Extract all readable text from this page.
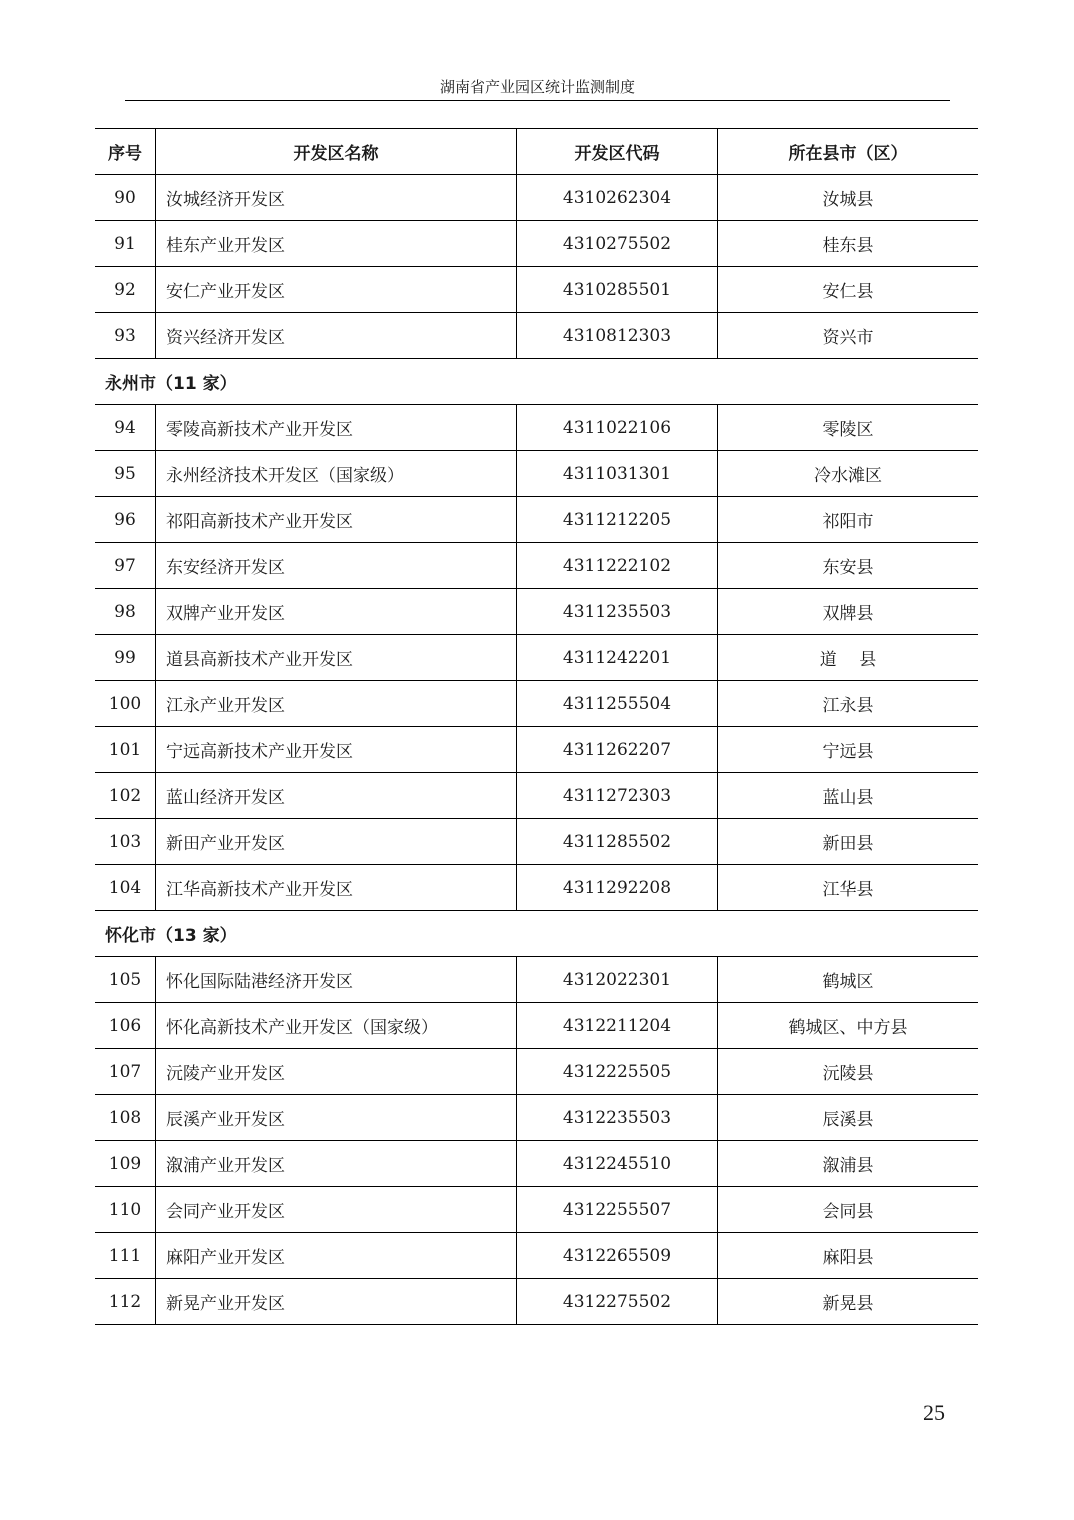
湖南省产业园区统计监测制度
序号	开发区名称	开发区代码	所在县市（区）
90	汝城经济开发区	4310262304	汝城县
91	桂东产业开发区	4310275502	桂东县
92	安仁产业开发区	4310285501	安仁县
93	资兴经济开发区	4310812303	资兴市
永州市（11 家）			
94	零陵高新技术产业开发区	4311022106	零陵区
95	永州经济技术开发区（国家级）	4311031301	冷水滩区
96	祁阳高新技术产业开发区	4311212205	祁阳市
97	东安经济开发区	4311222102	东安县
98	双牌产业开发区	4311235503	双牌县
99	道县高新技术产业开发区	4311242201	道　 县
100	江永产业开发区	4311255504	江永县
101	宁远高新技术产业开发区	4311262207	宁远县
102	蓝山经济开发区	4311272303	蓝山县
103	新田产业开发区	4311285502	新田县
104	江华高新技术产业开发区	4311292208	江华县
怀化市（13 家）			
105	怀化国际陆港经济开发区	4312022301	鹤城区
106	怀化高新技术产业开发区（国家级）	4312211204	鹤城区、中方县
107	沅陵产业开发区	4312225505	沅陵县
108	辰溪产业开发区	4312235503	辰溪县
109	溆浦产业开发区	4312245510	溆浦县
110	会同产业开发区	4312255507	会同县
111	麻阳产业开发区	4312265509	麻阳县
112	新晃产业开发区	4312275502	新晃县
25
